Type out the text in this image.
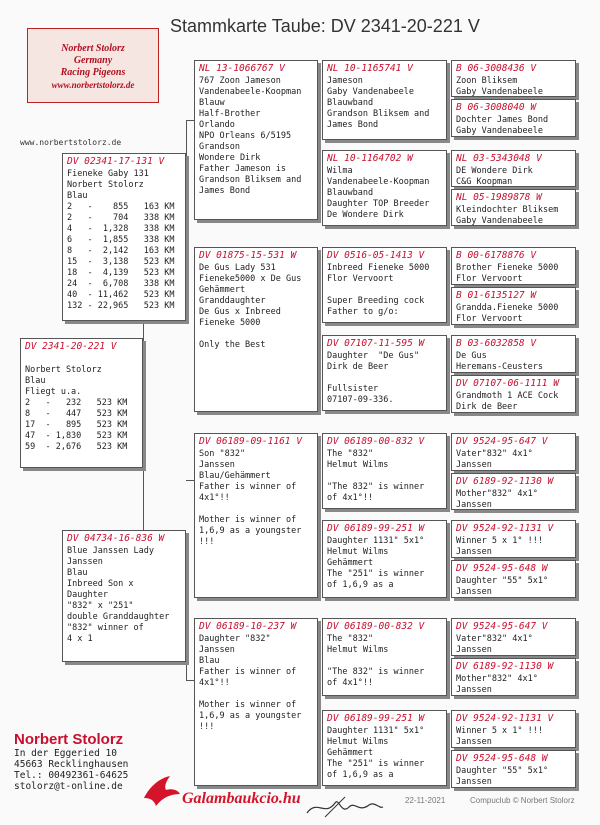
Stammkarte Taube: DV 2341-20-221 V
Norbert Stolorz
Germany
Racing Pigeons
www.norbertstolorz.de
www.norbertstolorz.de
DV 2341-20-221 V

Norbert Stolorz
Blau
Fliegt u.a.
2   -   232   523 KM
8   -   447   523 KM
17  -   895   523 KM
47  - 1,830   523 KM
59  - 2,676   523 KM
DV 02341-17-131 V
Fieneke Gaby 131
Norbert Stolorz
Blau
2   -    855   163 KM
2   -    704   338 KM
4   -  1,328   338 KM
6   -  1,855   338 KM
8   -  2,142   163 KM
15  -  3,138   523 KM
18  -  4,139   523 KM
24  -  6,708   338 KM
40  - 11,462   523 KM
132 - 22,965   523 KM
DV 04734-16-836 W
Blue Janssen Lady
Janssen
Blau
Inbreed Son x
Daughter
"832" x "251"
double Granddaughter
"832" winner of
4 x 1
NL 13-1066767 V
767 Zoon Jameson
Vandenabeele-Koopman
Blauw
Half-Brother
Orlando
NPO Orleans 6/5195
Grandson
Wondere Dirk
Father Jameson is
Grandson Bliksem and
James Bond
DV 01875-15-531 W
De Gus Lady 531
Fieneke5000 x De Gus
Gehämmert
Granddaughter
De Gus x Inbreed
Fieneke 5000

Only the Best
DV 06189-09-1161 V
Son "832"
Janssen
Blau/Gehämmert
Father is winner of
4x1°!!

Mother is winner of
1,6,9 as a youngster
!!!
DV 06189-10-237 W
Daughter "832"
Janssen
Blau
Father is winner of
4x1°!!

Mother is winner of
1,6,9 as a youngster
!!!
NL 10-1165741 V
Jameson
Gaby Vandenabeele
Blauwband
Grandson Bliksem and
James Bond
NL 10-1164702 W
Wilma
Vandenabeele-Koopman
Blauwband
Daughter TOP Breeder
De Wondere Dirk
DV 0516-05-1413 V
Inbreed Fieneke 5000
Flor Vervoort

Super Breeding cock
Father to g/o:
DV 07107-11-595 W
Daughter  "De Gus"
Dirk de Beer

Fullsister
07107-09-336.
DV 06189-00-832 V
The "832"
Helmut Wilms

"The 832" is winner
of 4x1°!!
DV 06189-99-251 W
Daughter 1131" 5x1°
Helmut Wilms
Gehämmert
The "251" is winner
of 1,6,9 as a
DV 06189-00-832 V
The "832"
Helmut Wilms

"The 832" is winner
of 4x1°!!
DV 06189-99-251 W
Daughter 1131" 5x1°
Helmut Wilms
Gehämmert
The "251" is winner
of 1,6,9 as a
B 06-3008436 V
Zoon Bliksem
Gaby Vandenabeele
B 06-3008040 W
Dochter James Bond
Gaby Vandenabeele
NL 03-5343048 V
DE Wondere Dirk
C&G Koopman
NL 05-1989878 W
Kleindochter Bliksem
Gaby Vandenabeele
B 00-6178876 V
Brother Fieneke 5000
Flor Vervoort
B 01-6135127 W
Grandda.Fieneke 5000
Flor Vervoort
B 03-6032858 V
De Gus
Heremans-Ceusters
DV 07107-06-1111 W
Grandmoth 1 ACE Cock
Dirk de Beer
DV 9524-95-647 V
Vater"832" 4x1°
Janssen
DV 6189-92-1130 W
Mother"832" 4x1°
Janssen
DV 9524-92-1131 V
Winner 5 x 1° !!!
Janssen
DV 9524-95-648 W
Daughter "55" 5x1°
Janssen
DV 9524-95-647 V
Vater"832" 4x1°
Janssen
DV 6189-92-1130 W
Mother"832" 4x1°
Janssen
DV 9524-92-1131 V
Winner 5 x 1° !!!
Janssen
DV 9524-95-648 W
Daughter "55" 5x1°
Janssen
Norbert Stolorz
In der Eggeried 10
45663 Recklinghausen
Tel.: 00492361-64625
stolorz@t-online.de
Galambaukcio.hu	22-11-2021	Compuclub © Norbert Stolorz
